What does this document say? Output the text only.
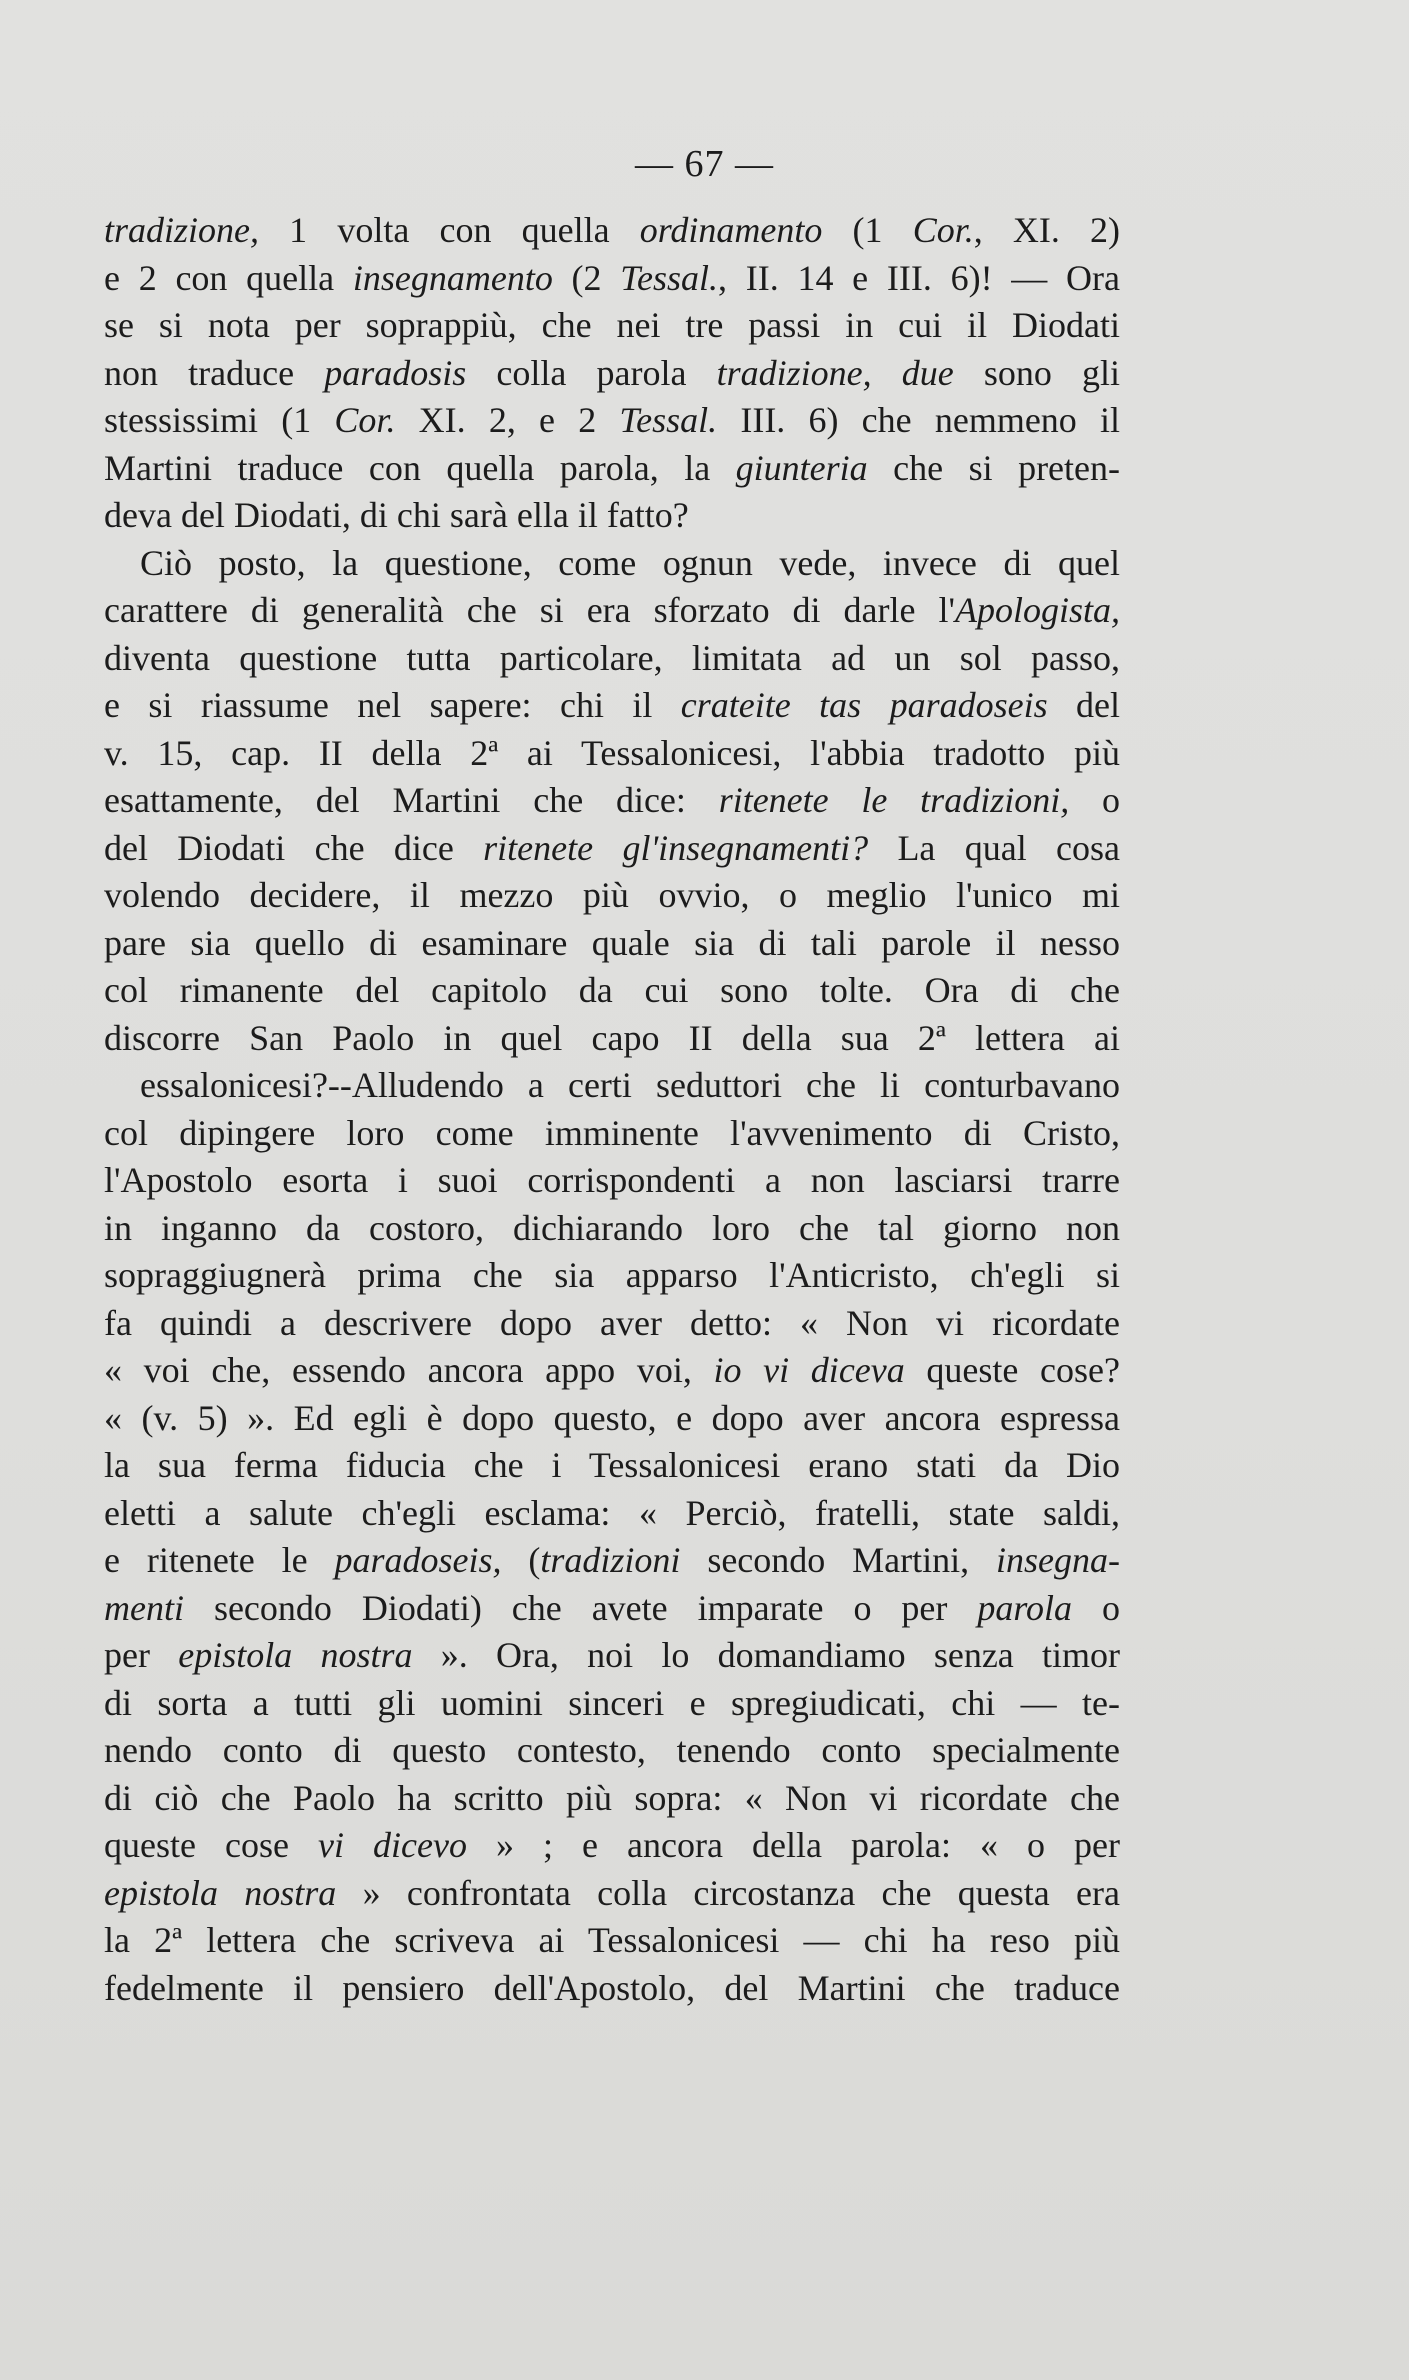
— 67 —
tradizione, 1 volta con quella ordinamento (1 Cor., XI. 2)
e 2 con quella insegnamento (2 Tessal., II. 14 e III. 6)! — Ora
se si nota per soprappiù, che nei tre passi in cui il Diodati
non traduce paradosis colla parola tradizione, due sono gli
stessissimi (1 Cor. XI. 2, e 2 Tessal. III. 6) che nemmeno il
Martini traduce con quella parola, la giunteria che si preten-
deva del Diodati, di chi sarà ella il fatto?
Ciò posto, la questione, come ognun vede, invece di quel
carattere di generalità che si era sforzato di darle l'Apologista,
diventa questione tutta particolare, limitata ad un sol passo,
e si riassume nel sapere: chi il crateite tas paradoseis del
v. 15, cap. II della 2ª ai Tessalonicesi, l'abbia tradotto più
esattamente, del Martini che dice: ritenete le tradizioni, o
del Diodati che dice ritenete gl'insegnamenti? La qual cosa
volendo decidere, il mezzo più ovvio, o meglio l'unico mi
pare sia quello di esaminare quale sia di tali parole il nesso
col rimanente del capitolo da cui sono tolte. Ora di che
discorre San Paolo in quel capo II della sua 2ª lettera ai
essalonicesi?--Alludendo a certi seduttori che li conturbavano
col dipingere loro come imminente l'avvenimento di Cristo,
l'Apostolo esorta i suoi corrispondenti a non lasciarsi trarre
in inganno da costoro, dichiarando loro che tal giorno non
sopraggiugnerà prima che sia apparso l'Anticristo, ch'egli si
fa quindi a descrivere dopo aver detto: « Non vi ricordate
« voi che, essendo ancora appo voi, io vi diceva queste cose?
« (v. 5) ». Ed egli è dopo questo, e dopo aver ancora espressa
la sua ferma fiducia che i Tessalonicesi erano stati da Dio
eletti a salute ch'egli esclama: « Perciò, fratelli, state saldi,
e ritenete le paradoseis, (tradizioni secondo Martini, insegna-
menti secondo Diodati) che avete imparate o per parola o
per epistola nostra ». Ora, noi lo domandiamo senza timor
di sorta a tutti gli uomini sinceri e spregiudicati, chi — te-
nendo conto di questo contesto, tenendo conto specialmente
di ciò che Paolo ha scritto più sopra: « Non vi ricordate che
queste cose vi dicevo » ; e ancora della parola: « o per
epistola nostra » confrontata colla circostanza che questa era
la 2ª lettera che scriveva ai Tessalonicesi — chi ha reso più
fedelmente il pensiero dell'Apostolo, del Martini che traduce
